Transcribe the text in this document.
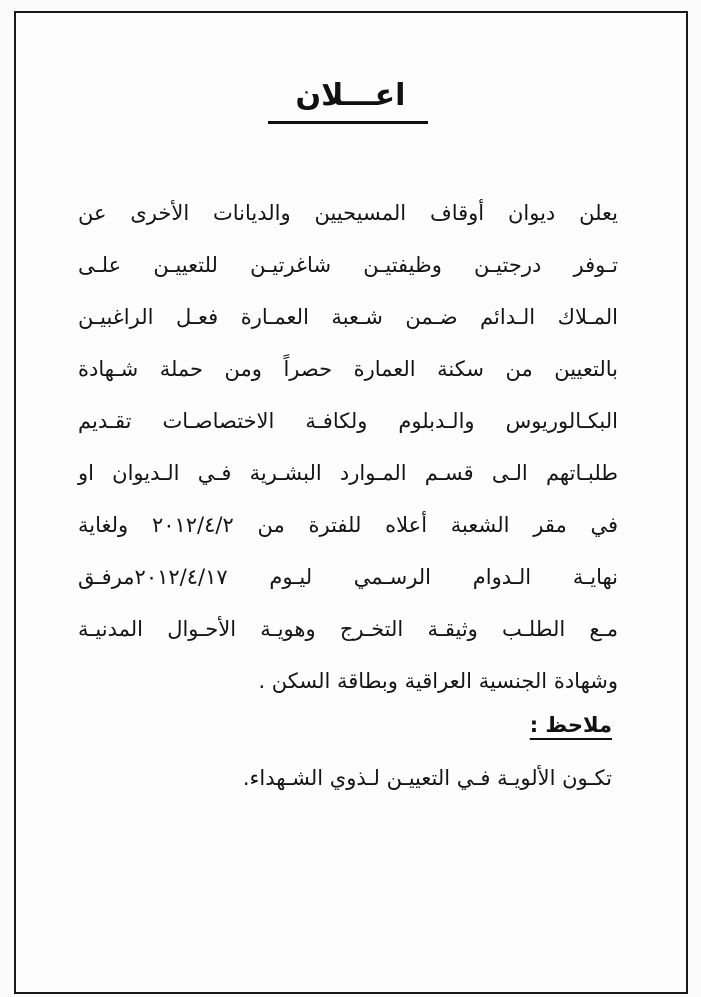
اعـــلان
يعلن ديوان أوقاف المسيحيين والديانات الأخرى عن
تـوفر درجتيـن وظيفتيـن شاغرتيـن للتعييـن علـى
المـلاك الـدائم ضـمن شـعبة العمـارة فعـل الراغبيـن
بالتعيين من سكنة العمارة حصراً ومن حملة شـهادة
البكـالوريوس والـدبلوم ولكافـة الاختصاصـات تقـديم
طلبـاتهم الـى قسـم المـوارد البشـرية فـي الـديوان او
في مقر الشعبة أعلاه للفترة من ٢٠١٢/٤/٢ ولغاية
نهايـة الـدوام الرسـمي ليـوم ٢٠١٢/٤/١٧مرفـق
مـع الطلـب وثيقـة التخـرج وهويـة الأحـوال المدنيـة
وشهادة الجنسية العراقية وبطاقة السكن .

ملاحظ :

تكـون الألويـة فـي التعييـن لـذوي الشـهداء.
